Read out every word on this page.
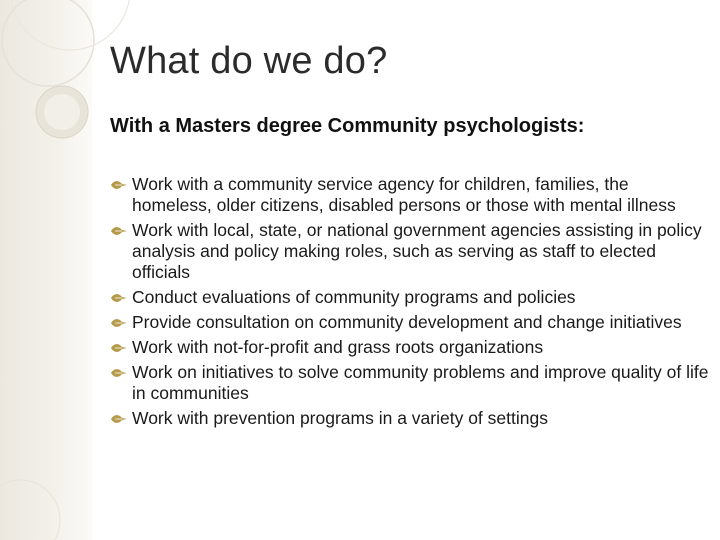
What do we do?

With a Masters degree Community psychologists:

Work with a community service agency for children, families, the homeless, older citizens, disabled persons or those with mental illness
Work with local, state, or national government agencies assisting in policy analysis and policy making roles, such as serving as staff to elected officials
Conduct evaluations of community programs and policies
Provide consultation on community development and change initiatives
Work with not-for-profit and grass roots organizations
Work on initiatives to solve community problems and improve quality of life in communities
Work with prevention programs in a variety of settings
